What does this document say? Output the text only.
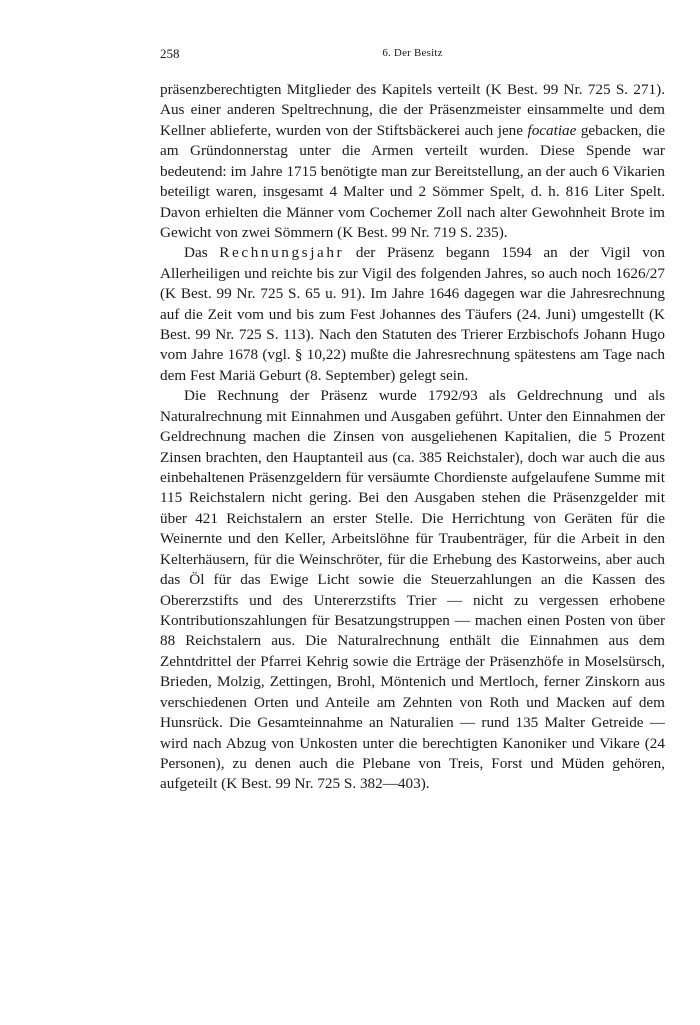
258	6. Der Besitz

präsenzberechtigten Mitglieder des Kapitels verteilt (K Best. 99 Nr. 725 S. 271). Aus einer anderen Speltrechnung, die der Präsenzmeister einsammelte und dem Kellner ablieferte, wurden von der Stiftsbäckerei auch jene focatiae gebacken, die am Gründonnerstag unter die Armen verteilt wurden. Diese Spende war bedeutend: im Jahre 1715 benötigte man zur Bereitstellung, an der auch 6 Vikarien beteiligt waren, insgesamt 4 Malter und 2 Sömmer Spelt, d. h. 816 Liter Spelt. Davon erhielten die Männer vom Cochemer Zoll nach alter Gewohnheit Brote im Gewicht von zwei Sömmern (K Best. 99 Nr. 719 S. 235).

Das Rechnungsjahr der Präsenz begann 1594 an der Vigil von Allerheiligen und reichte bis zur Vigil des folgenden Jahres, so auch noch 1626/27 (K Best. 99 Nr. 725 S. 65 u. 91). Im Jahre 1646 dagegen war die Jahresrechnung auf die Zeit vom und bis zum Fest Johannes des Täufers (24. Juni) umgestellt (K Best. 99 Nr. 725 S. 113). Nach den Statuten des Trierer Erzbischofs Johann Hugo vom Jahre 1678 (vgl. § 10,22) mußte die Jahresrechnung spätestens am Tage nach dem Fest Mariä Geburt (8. September) gelegt sein.

Die Rechnung der Präsenz wurde 1792/93 als Geldrechnung und als Naturalrechnung mit Einnahmen und Ausgaben geführt. Unter den Einnahmen der Geldrechnung machen die Zinsen von ausgeliehenen Kapitalien, die 5 Prozent Zinsen brachten, den Hauptanteil aus (ca. 385 Reichstaler), doch war auch die aus einbehaltenen Präsenzgeldern für versäumte Chordienste aufgelaufene Summe mit 115 Reichstalern nicht gering. Bei den Ausgaben stehen die Präsenzgelder mit über 421 Reichstalern an erster Stelle. Die Herrichtung von Geräten für die Weinernte und den Keller, Arbeitslöhne für Traubenträger, für die Arbeit in den Kelterhäusern, für die Weinschröter, für die Erhebung des Kastorweins, aber auch das Öl für das Ewige Licht sowie die Steuerzahlungen an die Kassen des Obererzstifts und des Untererzstifts Trier — nicht zu vergessen erhobene Kontributionszahlungen für Besatzungstruppen — machen einen Posten von über 88 Reichstalern aus. Die Naturalrechnung enthält die Einnahmen aus dem Zehntdrittel der Pfarrei Kehrig sowie die Erträge der Präsenzhöfe in Moselsürsch, Brieden, Molzig, Zettingen, Brohl, Möntenich und Mertloch, ferner Zinskorn aus verschiedenen Orten und Anteile am Zehnten von Roth und Macken auf dem Hunsrück. Die Gesamteinnahme an Naturalien — rund 135 Malter Getreide — wird nach Abzug von Unkosten unter die berechtigten Kanoniker und Vikare (24 Personen), zu denen auch die Plebane von Treis, Forst und Müden gehören, aufgeteilt (K Best. 99 Nr. 725 S. 382—403).
